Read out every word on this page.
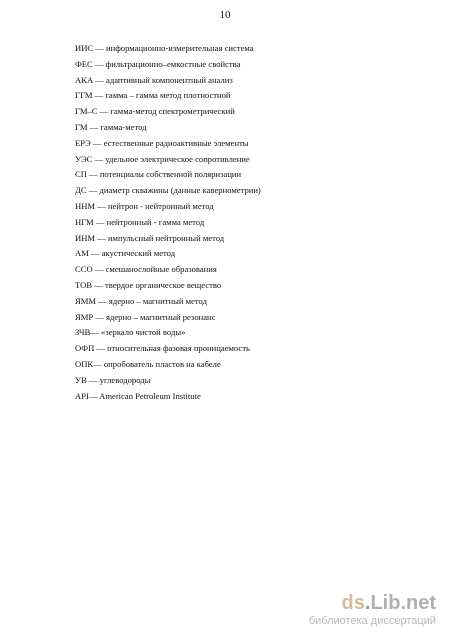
10
ИИС — информационно-измерительная система
ФЕС — фильтрационно–емкостные свойства
АКА — адаптивный компонентный анализ
ГГМ — гамма – гамма метод плотностной
ГМ–С — гамма-метод спектрометрический
ГМ — гамма-метод
ЕРЭ — естественные радиоактивные элементы
УЭС — удельное электрическое сопротивление
СП — потенциалы собственной поляризации
ДС — диаметр скважины (данные кавернометрии)
ННМ — нейтрон - нейтронный метод
НГМ — нейтронный - гамма метод
ИНМ — импульсный нейтронный метод
АМ — акустический метод
ССО — смешанослойные образования
ТОВ — твердое органическое вещество
ЯММ — ядерно – магнитный метод
ЯМР — ядерно – магнитный резонанс
ЗЧВ— «зеркало чистой воды»
ОФП — относительная фазовая проницаемость
ОПК— опробователь пластов на кабеле
УВ — углеводороды
API— American Petroleum Institute
ds.Lib.net
библиотека диссертаций
